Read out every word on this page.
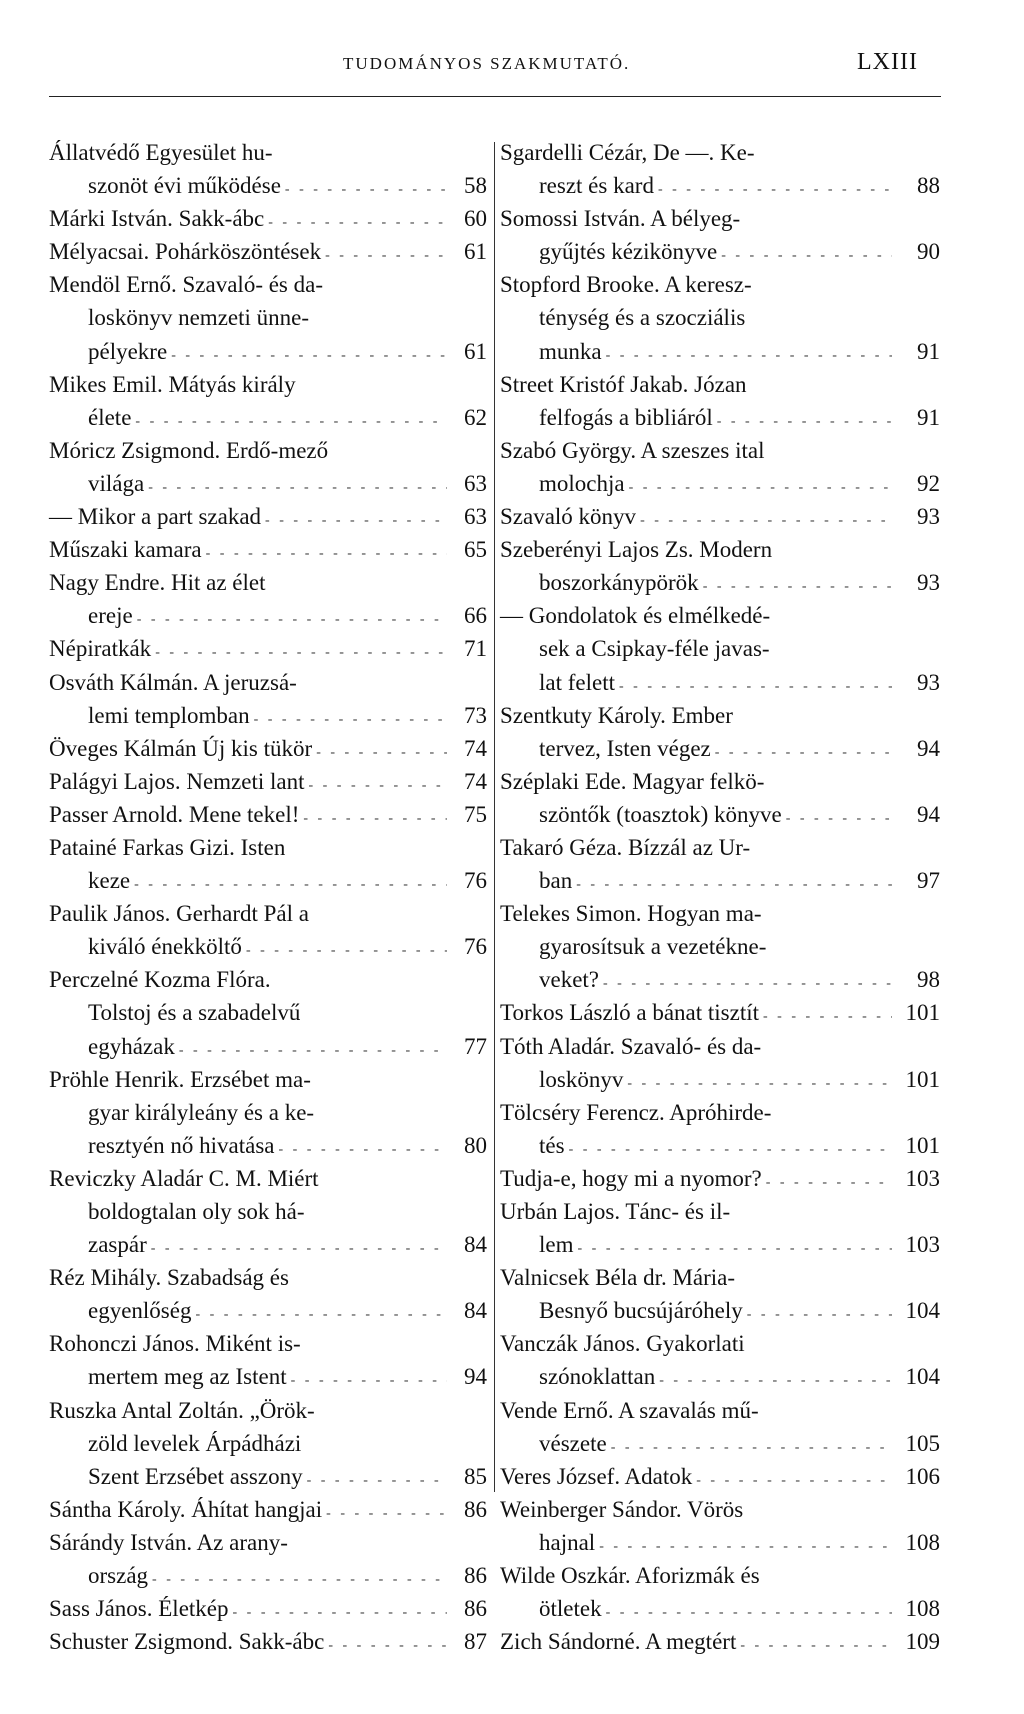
TUDOMÁNYOS SZAKMUTATÓ.	LXIII
Állatvédő Egyesület hu-
szonöt évi működése - - -	58
Márki István. Sakk-ábc - - -	60
Mélyacsai. Pohárköszöntések - - -	61
Mendöl Ernő. Szavaló- és da-
loskönyv nemzeti ünne-
pélyekre - - -	61
Mikes Emil. Mátyás király
élete - - -	62
Móricz Zsigmond. Erdő-mező
világa - - -	63
— Mikor a part szakad - - -	63
Műszaki kamara - - -	65
Nagy Endre. Hit az élet
ereje - - -	66
Népiratkák - - -	71
Osváth Kálmán. A jeruzsá-
lemi templomban - - -	73
Öveges Kálmán Új kis tükör - - -	74
Palágyi Lajos. Nemzeti lant - - -	74
Passer Arnold. Mene tekel! - - -	75
Patainé Farkas Gizi. Isten
keze - - -	76
Paulik János. Gerhardt Pál a
kiváló énekköltő - - -	76
Perczelné Kozma Flóra.
Tolstoj és a szabadelvű
egyházak - - -	77
Pröhle Henrik. Erzsébet ma-
gyar királyleány és a ke-
resztyén nő hivatása - - -	80
Reviczky Aladár C. M. Miért
boldogtalan oly sok há-
zaspár - - -	84
Réz Mihály. Szabadság és
egyenlőség - - -	84
Rohonczi János. Miként is-
mertem meg az Istent - - -	94
Ruszka Antal Zoltán. „Örök-
zöld levelek Árpádházi
Szent Erzsébet asszony - - -	85
Sántha Károly. Áhítat hangjai - - -	86
Sárándy István. Az arany-
ország - - -	86
Sass János. Életkép - - -	86
Schuster Zsigmond. Sakk-ábc - - -	87
Sgardelli Cézár, De —. Ke-
reszt és kard - - -	88
Somossi István. A bélyeg-
gyűjtés kézikönyve - - -	90
Stopford Brooke. A keresz-
ténység és a szocziális
munka - - -	91
Street Kristóf Jakab. Józan
felfogás a bibliáról - - -	91
Szabó György. A szeszes ital
molochja - - -	92
Szavaló könyv - - -	93
Szeberényi Lajos Zs. Modern
boszorkánypörök - - -	93
— Gondolatok és elmélkedé-
sek a Csipkay-féle javas-
lat felett - - -	93
Szentkuty Károly. Ember
tervez, Isten végez - - -	94
Széplaki Ede. Magyar felkö-
szöntők (toasztok) könyve - - -	94
Takaró Géza. Bízzál az Ur-
ban - - -	97
Telekes Simon. Hogyan ma-
gyarosítsuk a vezetékne-
veket? - - -	98
Torkos László a bánat tisztít - - -	101
Tóth Aladár. Szavaló- és da-
loskönyv - - -	101
Tölcséry Ferencz. Apróhirde-
tés - - -	101
Tudja-e, hogy mi a nyomor? - - -	103
Urbán Lajos. Tánc- és il-
lem - - -	103
Valnicsek Béla dr. Mária-
Besnyő bucsújáróhely - - -	104
Vanczák János. Gyakorlati
szónoklattan - - -	104
Vende Ernő. A szavalás mű-
vészete - - -	105
Veres József. Adatok - - -	106
Weinberger Sándor. Vörös
hajnal - - -	108
Wilde Oszkár. Aforizmák és
ötletek - - -	108
Zich Sándorné. A megtért - - -	109
